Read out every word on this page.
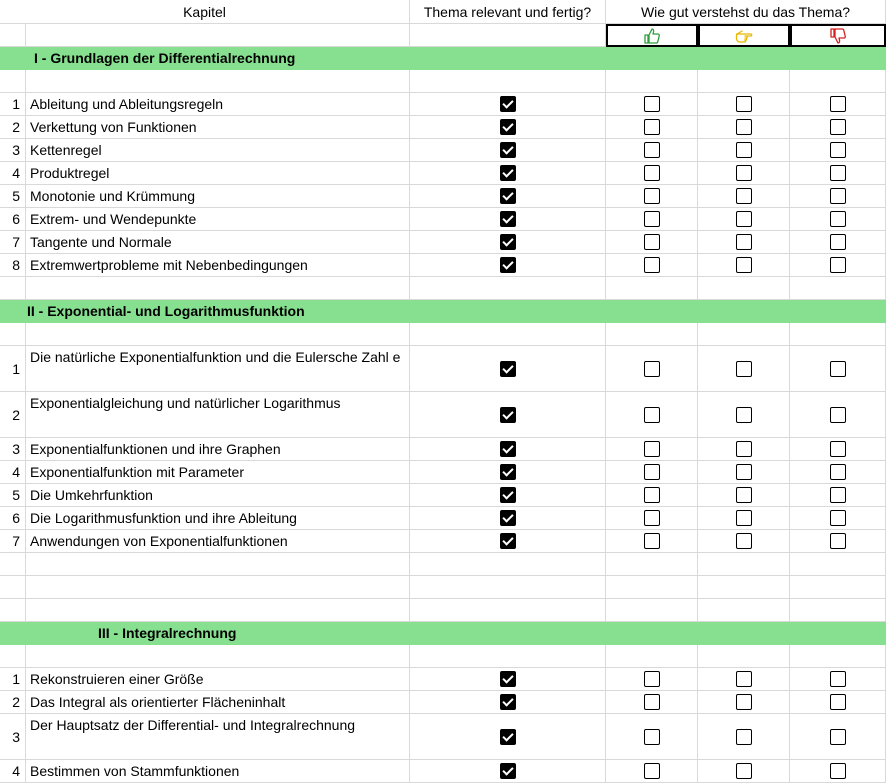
Kapitel	Thema relevant und fertig?	Wie gut verstehst du das Thema?
I - Grundlagen der Differentialrechnung
1 Ableitung und Ableitungsregeln
2 Verkettung von Funktionen
3 Kettenregel
4 Produktregel
5 Monotonie und Krümmung
6 Extrem- und Wendepunkte
7 Tangente und Normale
8 Extremwertprobleme mit Nebenbedingungen
II - Exponential- und Logarithmusfunktion
1
Die natürliche Exponentialfunktion und die Eulersche Zahl e
2
Exponentialgleichung und natürlicher Logarithmus
3 Exponentialfunktionen und ihre Graphen
4 Exponentialfunktion mit Parameter
5 Die Umkehrfunktion
6 Die Logarithmusfunktion und ihre Ableitung
7 Anwendungen von Exponentialfunktionen
III - Integralrechnung
1 Rekonstruieren einer Größe
2 Das Integral als orientierter Flächeninhalt
3
Der Hauptsatz der Differential- und Integralrechnung
4 Bestimmen von Stammfunktionen
